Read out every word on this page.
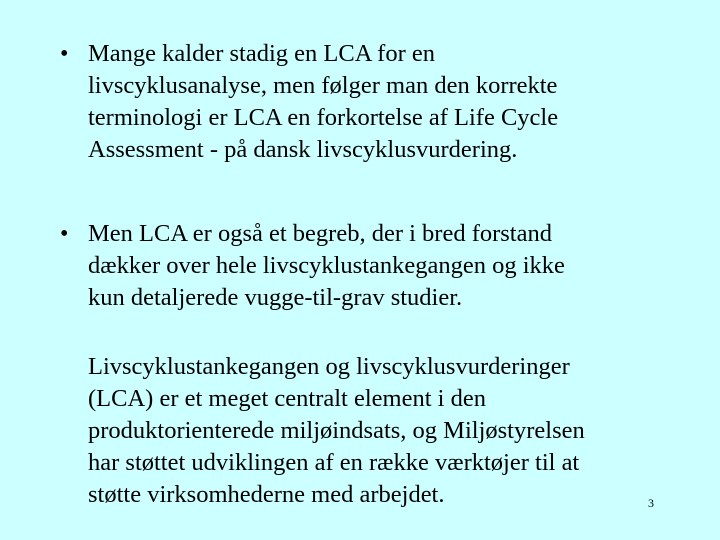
• Mange kalder stadig en LCA for en
livscyklusanalyse, men følger man den korrekte
terminologi er LCA en forkortelse af Life Cycle
Assessment - på dansk livscyklusvurdering.

• Men LCA er også et begreb, der i bred forstand
dækker over hele livscyklustankegangen og ikke
kun detaljerede vugge-til-grav studier.

Livscyklustankegangen og livscyklusvurderinger
(LCA) er et meget centralt element i den
produktorienterede miljøindsats, og Miljøstyrelsen
har støttet udviklingen af en række værktøjer til at
støtte virksomhederne med arbejdet.	3
